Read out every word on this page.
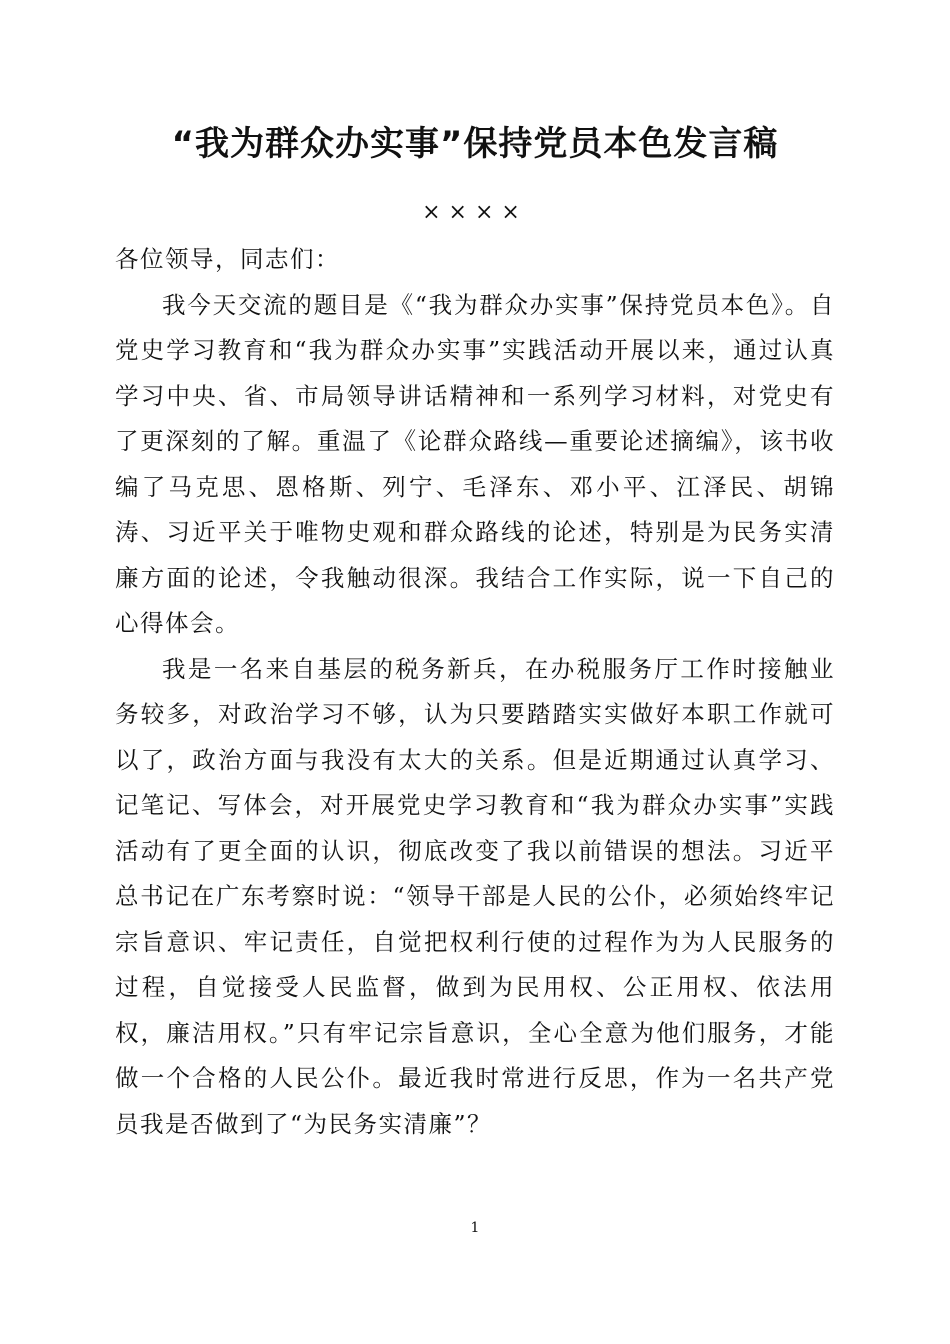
“我为群众办实事”保持党员本色发言稿
××××

各位领导，同志们：

我今天交流的题目是《“我为群众办实事”保持党员本色》。自党史学习教育和“我为群众办实事”实践活动开展以来，通过认真学习中央、省、市局领导讲话精神和一系列学习材料，对党史有了更深刻的了解。重温了《论群众路线—重要论述摘编》，该书收编了马克思、恩格斯、列宁、毛泽东、邓小平、江泽民、胡锦涛、习近平关于唯物史观和群众路线的论述，特别是为民务实清廉方面的论述，令我触动很深。我结合工作实际，说一下自己的心得体会。

我是一名来自基层的税务新兵，在办税服务厅工作时接触业务较多，对政治学习不够，认为只要踏踏实实做好本职工作就可以了，政治方面与我没有太大的关系。但是近期通过认真学习、记笔记、写体会，对开展党史学习教育和“我为群众办实事”实践活动有了更全面的认识，彻底改变了我以前错误的想法。习近平总书记在广东考察时说：“领导干部是人民的公仆，必须始终牢记宗旨意识、牢记责任，自觉把权利行使的过程作为为人民服务的过程，自觉接受人民监督，做到为民用权、公正用权、依法用权，廉洁用权。”只有牢记宗旨意识，全心全意为他们服务，才能做一个合格的人民公仆。最近我时常进行反思，作为一名共产党员我是否做到了“为民务实清廉”？

1
